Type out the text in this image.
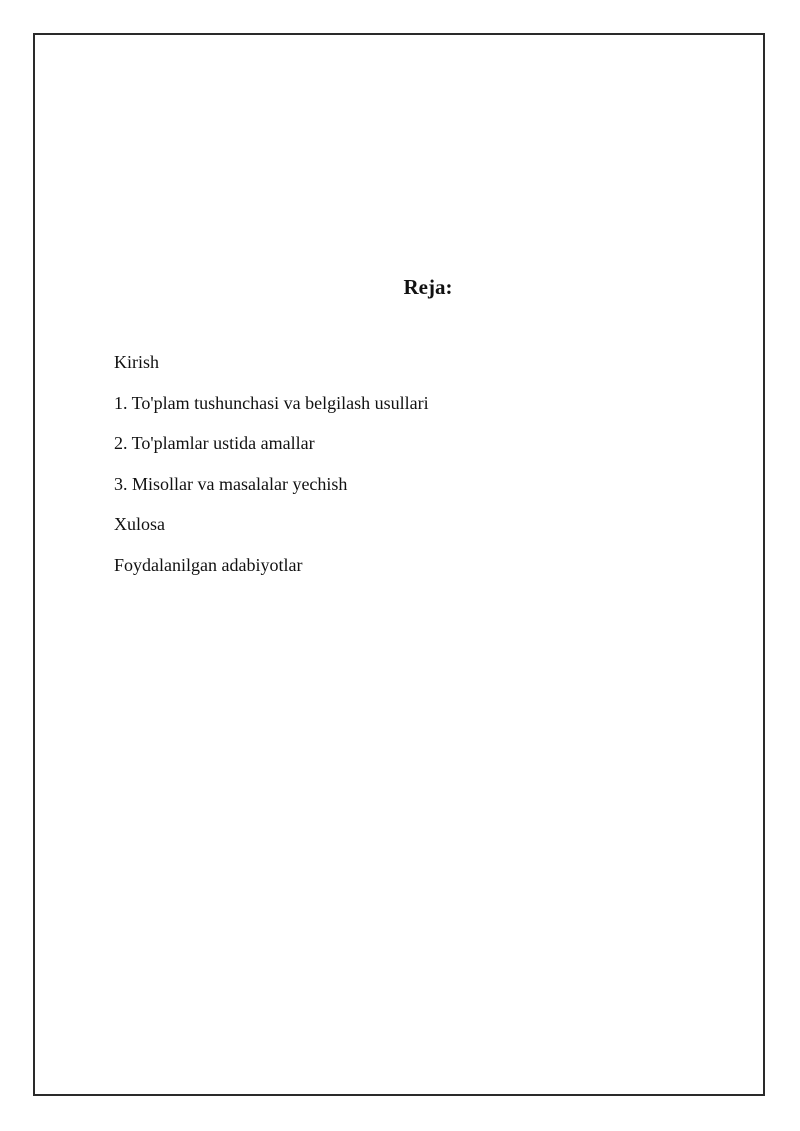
Reja:
Kirish
1. To'plam tushunchasi va belgilash usullari
2. To'plamlar ustida amallar
3. Misollar va masalalar yechish
Xulosa
Foydalanilgan adabiyotlar
